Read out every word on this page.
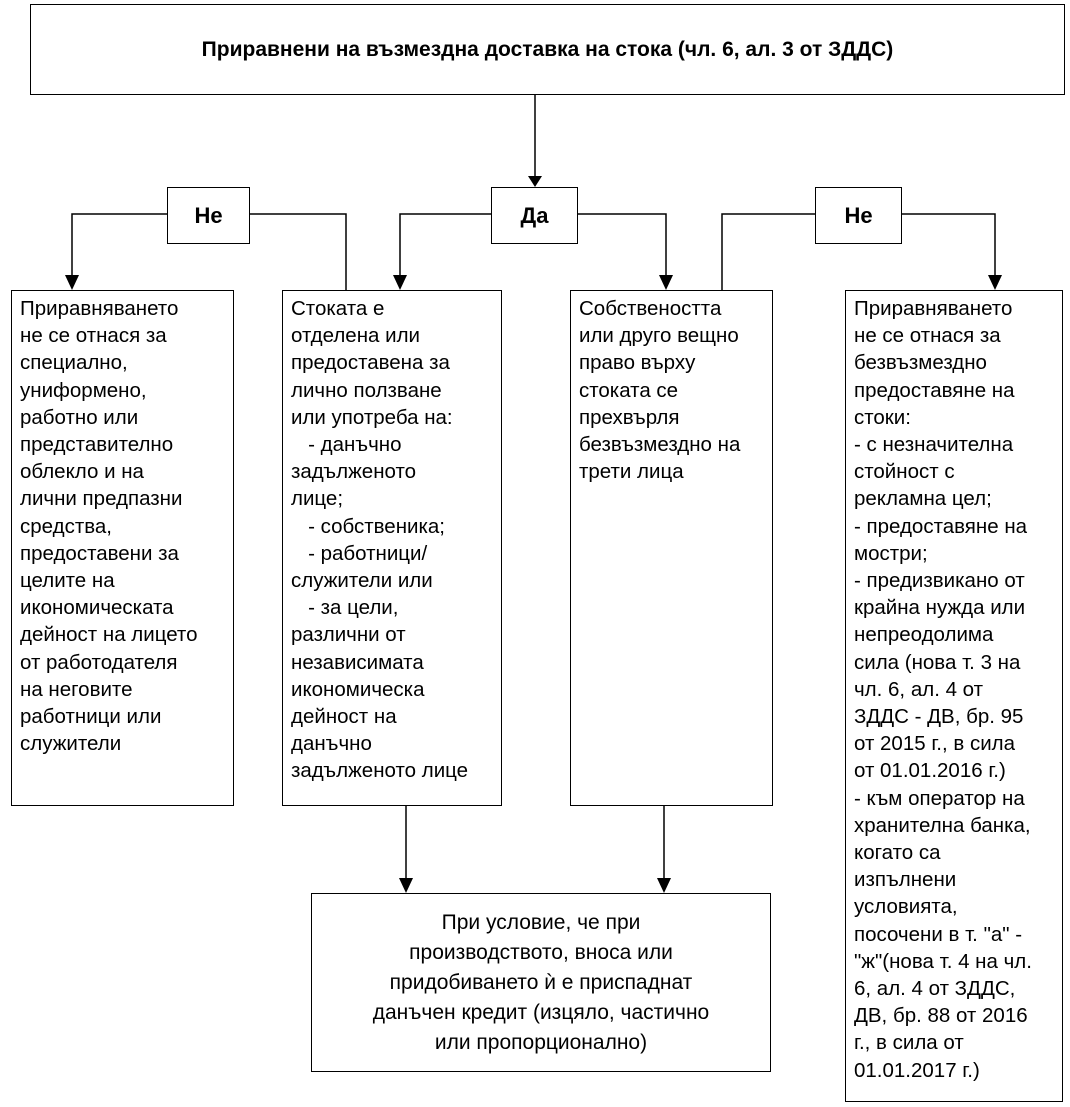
Приравнени на възмездна доставка на стока (чл. 6, ал. 3 от ЗДДС)
Не	Да	Не
Приравняването
не се отнася за
специално,
униформено,
работно или
представително
облекло и на
лични предпазни
средства,
предоставени за
целите на
икономическата
дейност на лицето
от работодателя
на неговите
работници или
служители
Стоката е
отделена или
предоставена за
лично ползване
или употреба на:
- данъчно
задълженото
лице;
- собственика;
- работници/
служители или
- за цели,
различни от
независимата
икономическа
дейност на
данъчно
задълженото лице
Собствеността
или друго вещно
право върху
стоката се
прехвърля
безвъзмездно на
трети лица
Приравняването
не се отнася за
безвъзмездно
предоставяне на
стоки:
- с незначителна
стойност с
рекламна цел;
- предоставяне на
мостри;
- предизвикано от
крайна нужда или
непреодолима
сила (нова т. 3 на
чл. 6, ал. 4 от
ЗДДС - ДВ, бр. 95
от 2015 г., в сила
от 01.01.2016 г.)
- към оператор на
хранителна банка,
когато са
изпълнени
условията,
посочени в т. "а" -
"ж"(нова т. 4 на чл.
6, ал. 4 от ЗДДС,
ДВ, бр. 88 от 2016
г., в сила от
01.01.2017 г.)
При условие, че при
производството, вноса или
придобиването ѝ е приспаднат
данъчен кредит (изцяло, частично
или пропорционално)
